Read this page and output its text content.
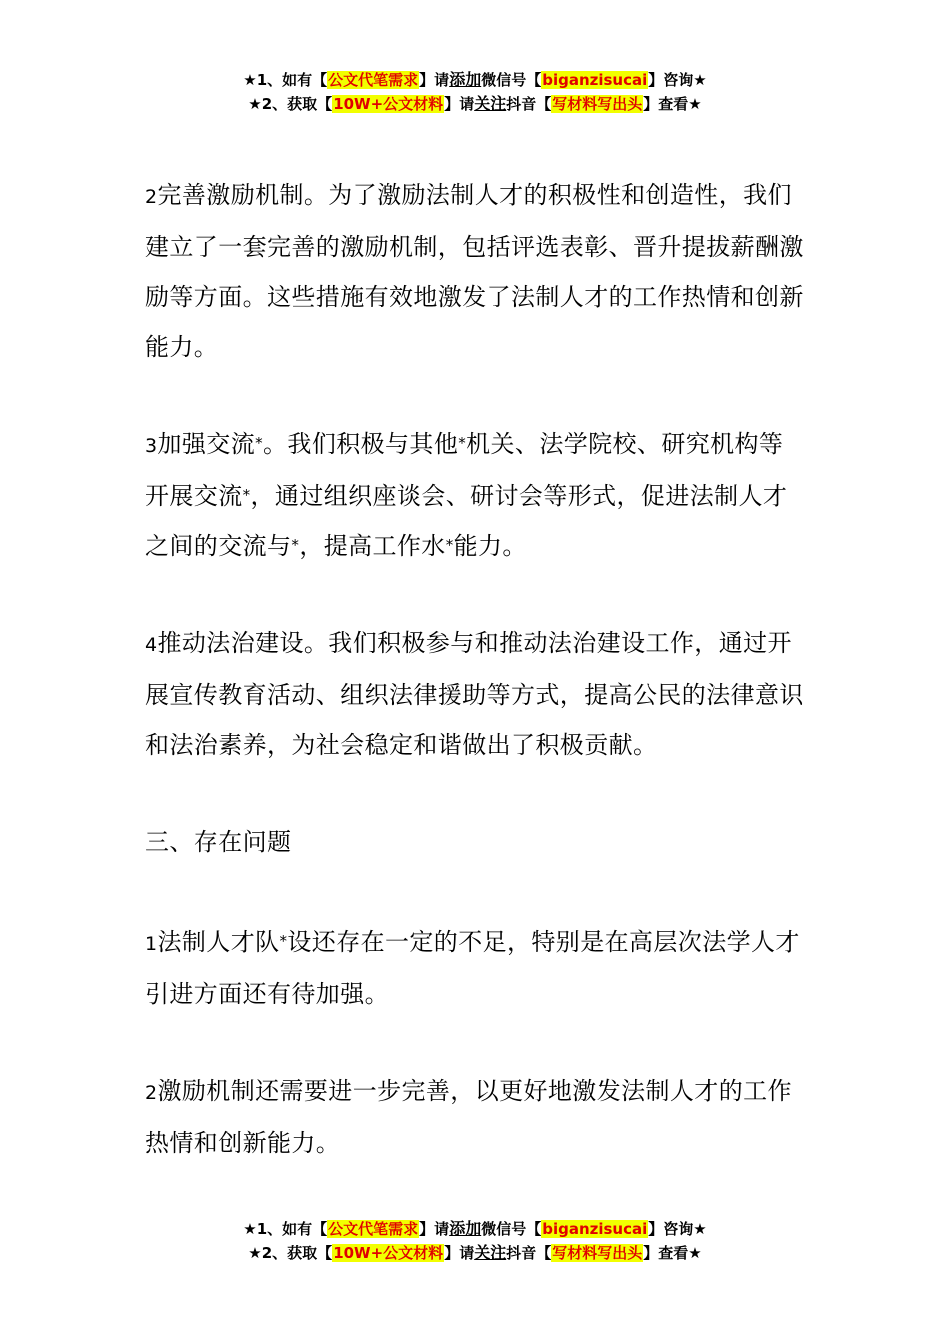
★1、如有【公文代笔需求】请添加微信号【biganzisucai】咨询★
★2、获取【10W+公文材料】请关注抖音【写材料写出头】查看★

2完善激励机制。为了激励法制人才的积极性和创造性，我们建立了一套完善的激励机制，包括评选表彰、晋升提拔薪酬激励等方面。这些措施有效地激发了法制人才的工作热情和创新能力。

3加强交流*。我们积极与其他*机关、法学院校、研究机构等开展交流*，通过组织座谈会、研讨会等形式，促进法制人才之间的交流与*，提高工作水*能力。

4推动法治建设。我们积极参与和推动法治建设工作，通过开展宣传教育活动、组织法律援助等方式，提高公民的法律意识和法治素养，为社会稳定和谐做出了积极贡献。

三、存在问题

1法制人才队*设还存在一定的不足，特别是在高层次法学人才引进方面还有待加强。

2激励机制还需要进一步完善，以更好地激发法制人才的工作热情和创新能力。

★1、如有【公文代笔需求】请添加微信号【biganzisucai】咨询★
★2、获取【10W+公文材料】请关注抖音【写材料写出头】查看★
